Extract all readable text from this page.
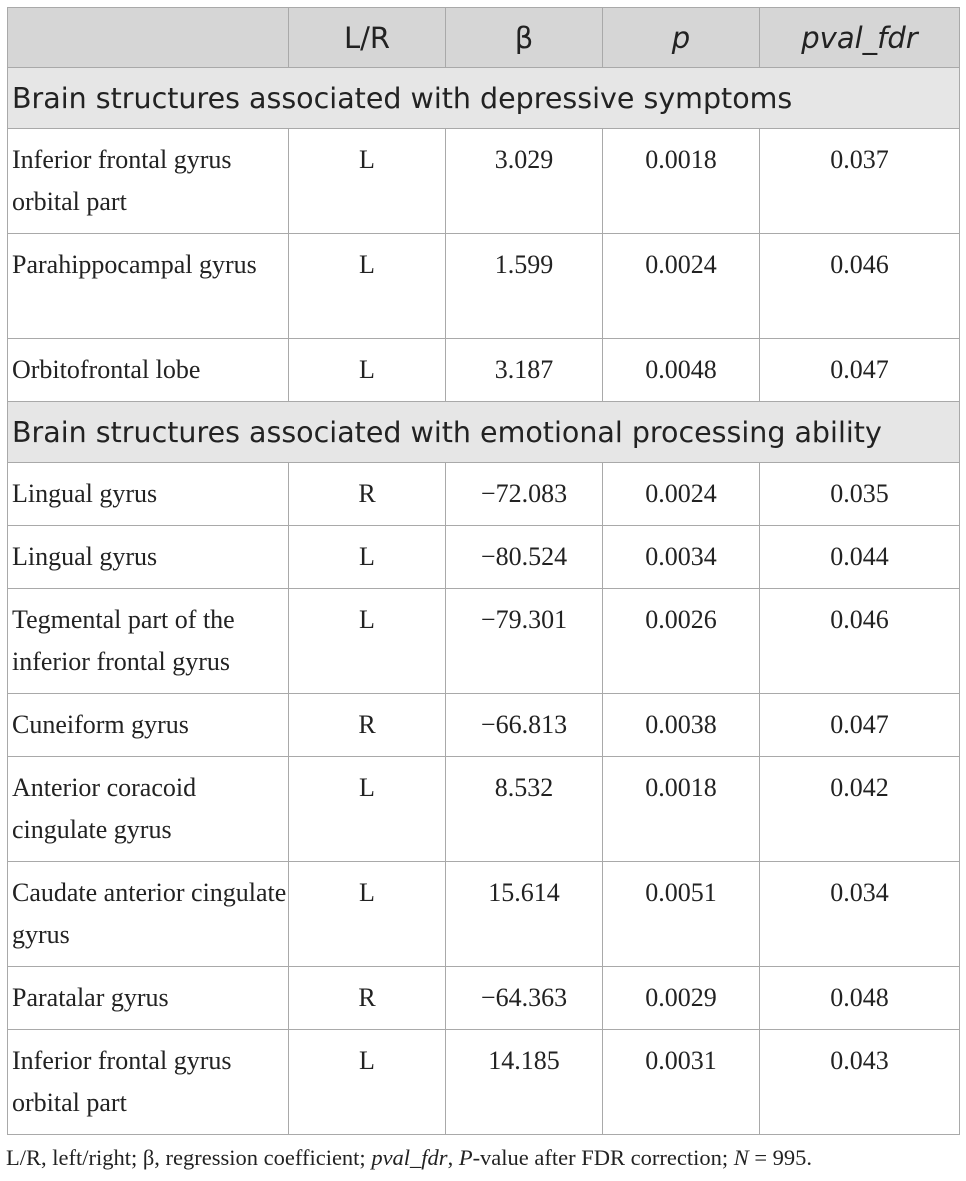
	L/R	β	p	pval_fdr
Brain structures associated with depressive symptoms				
Inferior frontal gyrus orbital part	L	3.029	0.0018	0.037
Parahippocampal gyrus	L	1.599	0.0024	0.046
Orbitofrontal lobe	L	3.187	0.0048	0.047
Brain structures associated with emotional processing ability				
Lingual gyrus	R	−72.083	0.0024	0.035
Lingual gyrus	L	−80.524	0.0034	0.044
Tegmental part of the inferior frontal gyrus	L	−79.301	0.0026	0.046
Cuneiform gyrus	R	−66.813	0.0038	0.047
Anterior coracoid cingulate gyrus	L	8.532	0.0018	0.042
Caudate anterior cingulate gyrus	L	15.614	0.0051	0.034
Paratalar gyrus	R	−64.363	0.0029	0.048
Inferior frontal gyrus orbital part	L	14.185	0.0031	0.043
L/R, left/right; β, regression coefficient; pval_fdr, P-value after FDR correction; N = 995.
